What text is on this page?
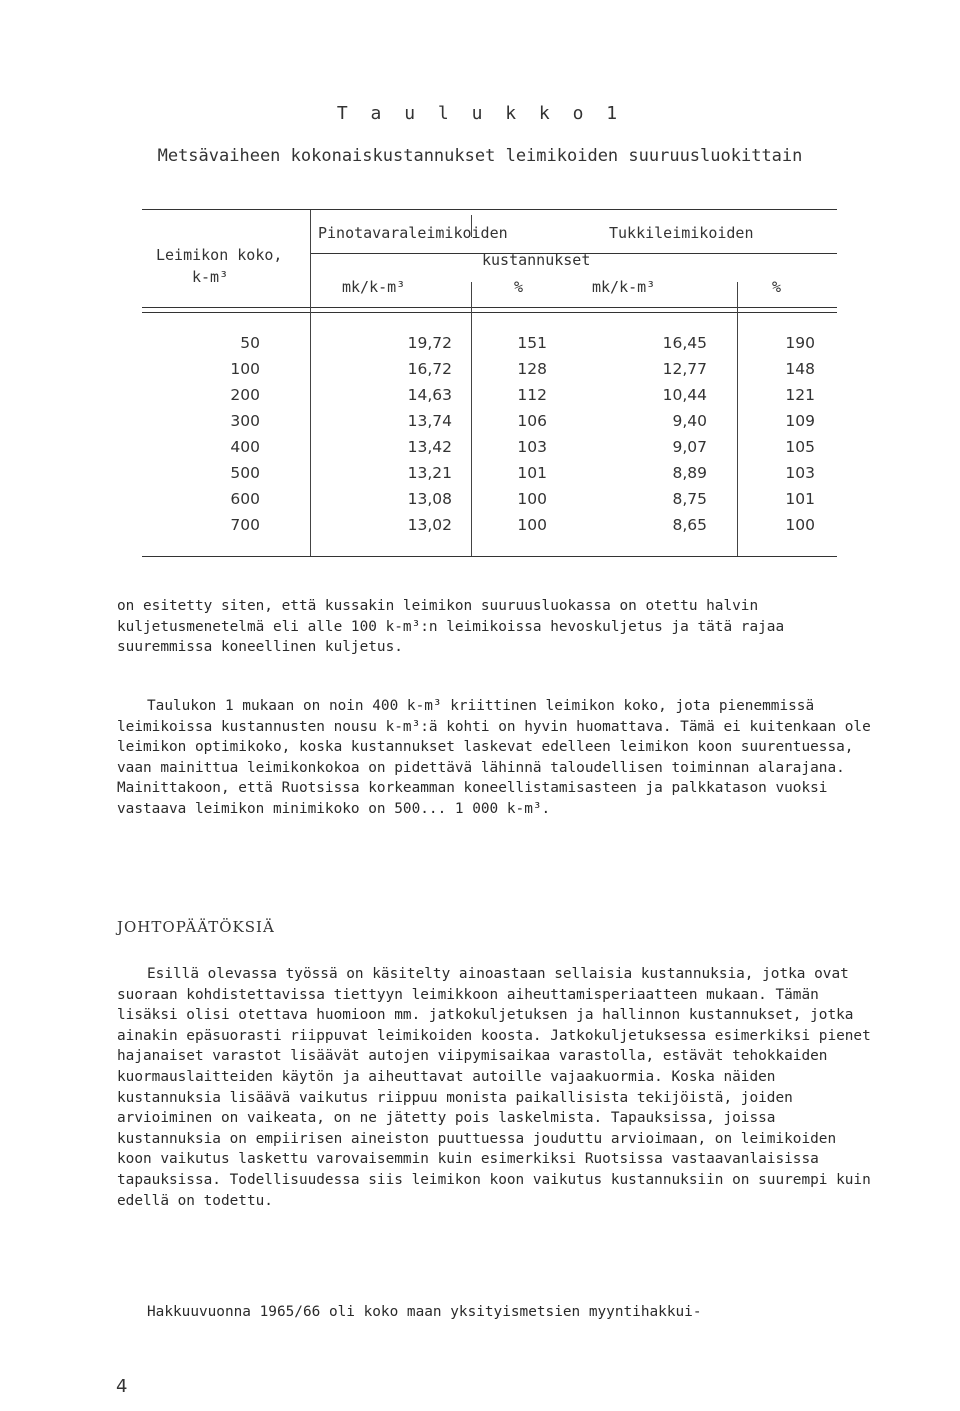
T a u l u k k o 1
Metsävaiheen kokonaiskustannukset leimikoiden suuruusluokittain
Leimikon koko,
k-m³
Pinotavaraleimikoiden	Tukkileimikoiden
kustannukset
mk/k-m³	%	mk/k-m³	%
50	19,72	151	16,45	190
100	16,72	128	12,77	148
200	14,63	112	10,44	121
300	13,74	106	9,40	109
400	13,42	103	9,07	105
500	13,21	101	8,89	103
600	13,08	100	8,75	101
700	13,02	100	8,65	100

on esitetty siten, että kussakin leimikon suuruusluokassa on otettu halvin kuljetusmenetelmä eli alle 100 k-m³:n leimikoissa hevoskuljetus ja tätä rajaa suuremmissa koneellinen kuljetus.

Taulukon 1 mukaan on noin 400 k-m³ kriittinen leimikon koko, jota pienemmissä leimikoissa kustannusten nousu k-m³:ä kohti on hyvin huomattava. Tämä ei kuitenkaan ole leimikon optimikoko, koska kustannukset laskevat edelleen leimikon koon suurentuessa, vaan mainittua leimikonkokoa on pidettävä lähinnä taloudellisen toiminnan alarajana. Mainittakoon, että Ruotsissa korkeamman koneellistamisasteen ja palkkatason vuoksi vastaava leimikon minimikoko on 500... 1 000 k-m³.

JOHTOPÄÄTÖKSIÄ

Esillä olevassa työssä on käsitelty ainoastaan sellaisia kustannuksia, jotka ovat suoraan kohdistettavissa tiettyyn leimikkoon aiheuttamisperiaatteen mukaan. Tämän lisäksi olisi otettava huomioon mm. jatkokuljetuksen ja hallinnon kustannukset, jotka ainakin epäsuorasti riippuvat leimikoiden koosta. Jatkokuljetuksessa esimerkiksi pienet hajanaiset varastot lisäävät autojen viipymisaikaa varastolla, estävät tehokkaiden kuormauslaitteiden käytön ja aiheuttavat autoille vajaakuormia. Koska näiden kustannuksia lisäävä vaikutus riippuu monista paikallisista tekijöistä, joiden arvioiminen on vaikeata, on ne jätetty pois laskelmista. Tapauksissa, joissa kustannuksia on empiirisen aineiston puuttuessa jouduttu arvioimaan, on leimikoiden koon vaikutus laskettu varovaisemmin kuin esimerkiksi Ruotsissa vastaavanlaisissa tapauksissa. Todellisuudessa siis leimikon koon vaikutus kustannuksiin on suurempi kuin edellä on todettu.

Hakkuuvuonna 1965/66 oli koko maan yksityismetsien myyntihakkui-

4
